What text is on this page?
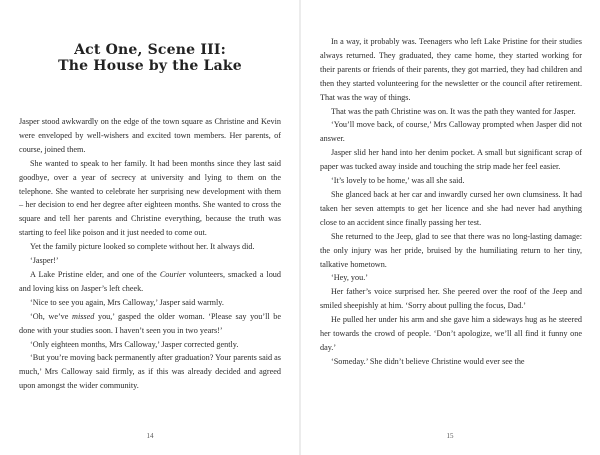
Act One, Scene III:
The House by the Lake

Jasper stood awkwardly on the edge of the town square as Christine and Kevin were enveloped by well-wishers and excited town members. Her parents, of course, joined them.

She wanted to speak to her family. It had been months since they last said goodbye, over a year of secrecy at university and lying to them on the telephone. She wanted to celebrate her surprising new development with them – her decision to end her degree after eighteen months. She wanted to cross the square and tell her parents and Christine everything, because the truth was starting to feel like poison and it just needed to come out.

Yet the family picture looked so complete without her. It always did.

‘Jasper!’

A Lake Pristine elder, and one of the Courier volunteers, smacked a loud and loving kiss on Jasper’s left cheek.

‘Nice to see you again, Mrs Calloway,’ Jasper said warmly.

‘Oh, we’ve missed you,’ gasped the older woman. ‘Please say you’ll be done with your studies soon. I haven’t seen you in two years!’

‘Only eighteen months, Mrs Calloway,’ Jasper corrected gently.

‘But you’re moving back permanently after graduation? Your parents said as much,’ Mrs Calloway said firmly, as if this was already decided and agreed upon amongst the wider community.

14

In a way, it probably was. Teenagers who left Lake Pristine for their studies always returned. They graduated, they came home, they started working for their parents or friends of their parents, they got married, they had children and then they started volunteering for the newsletter or the council after retirement. That was the way of things.

That was the path Christine was on. It was the path they wanted for Jasper.

‘You’ll move back, of course,’ Mrs Calloway prompted when Jasper did not answer.

Jasper slid her hand into her denim pocket. A small but significant scrap of paper was tucked away inside and touching the strip made her feel easier.

‘It’s lovely to be home,’ was all she said.

She glanced back at her car and inwardly cursed her own clumsiness. It had taken her seven attempts to get her licence and she had never had anything close to an accident since finally passing her test.

She returned to the Jeep, glad to see that there was no long-lasting damage: the only injury was her pride, bruised by the humiliating return to her tiny, talkative hometown.

‘Hey, you.’

Her father’s voice surprised her. She peered over the roof of the Jeep and smiled sheepishly at him. ‘Sorry about pulling the focus, Dad.’

He pulled her under his arm and she gave him a sideways hug as he steered her towards the crowd of people. ‘Don’t apologize, we’ll all find it funny one day.’

‘Someday.’ She didn’t believe Christine would ever see the

15
